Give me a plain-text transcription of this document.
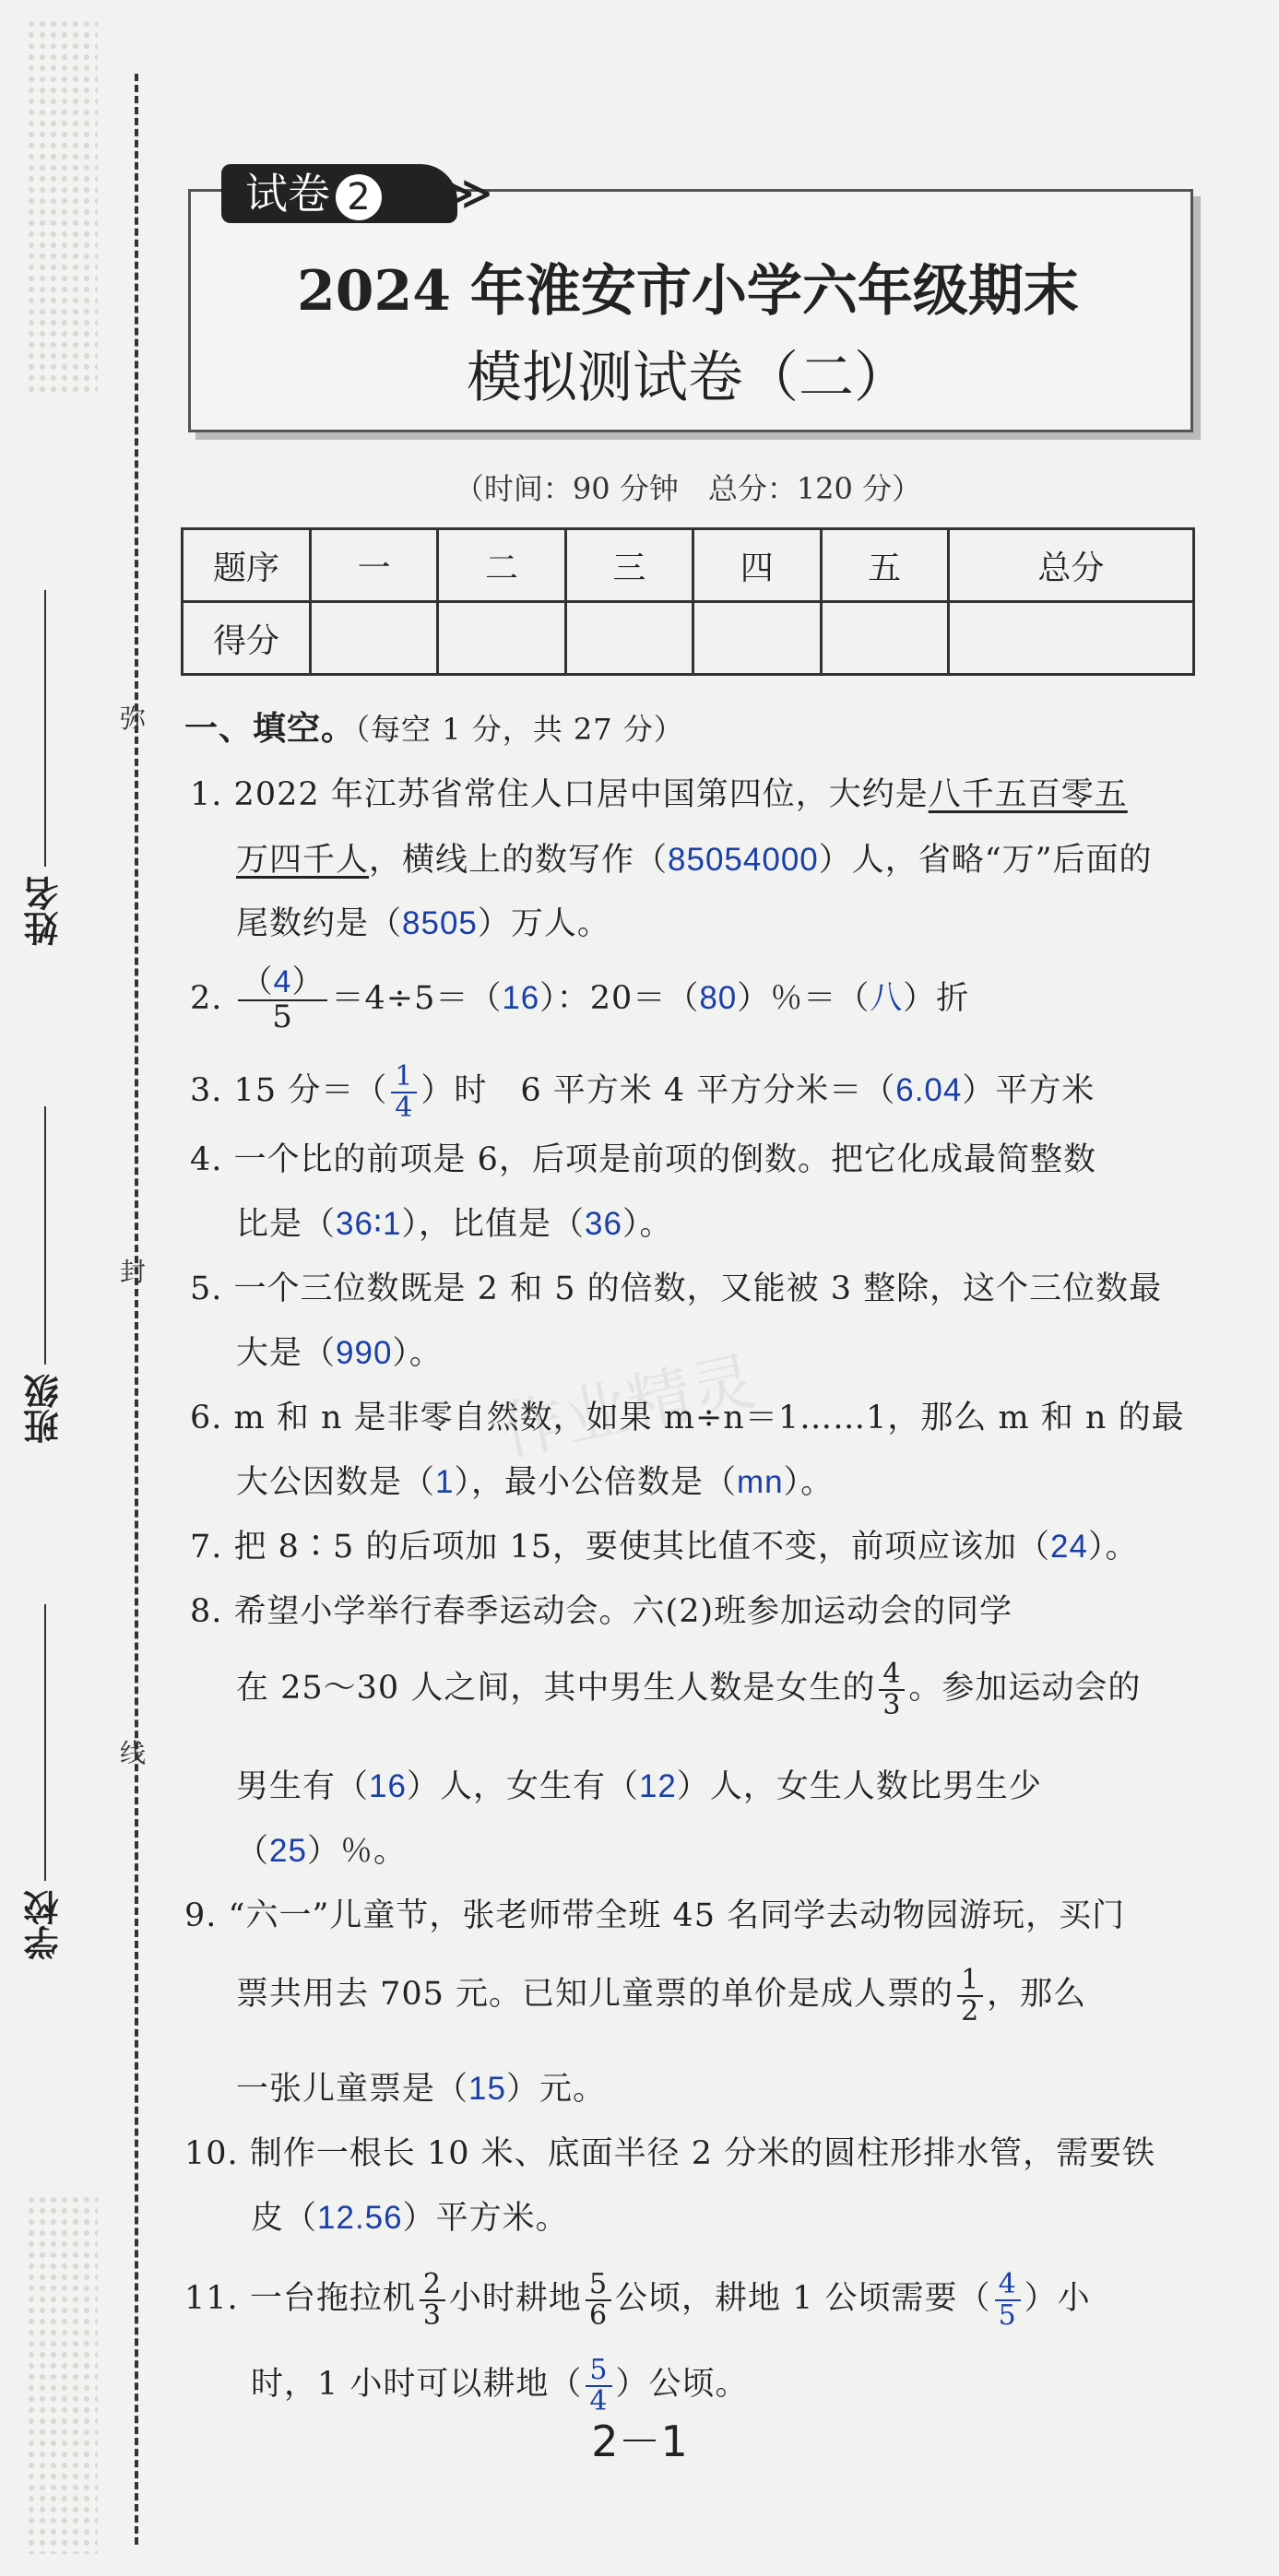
弥
封
线
姓名
班级
学校
试卷 2	≫
2024 年淮安市小学六年级期末
模拟测试卷（二）
（时间：90 分钟　总分：120 分）
题序	一	二	三	四	五	总分
得分						
一、填空。（每空 1 分，共 27 分）
1. 2022 年江苏省常住人口居中国第四位，大约是八千五百零五
万四千人，横线上的数写作（85054000）人，省略“万”后面的
尾数约是（8505）万人。
2. $\frac{(4)}{5} =4\div 5=(16)$：20＝（80）％＝（八）折
3. 15 分＝（ $\frac{1}{4}$ ）时　6 平方米 4 平方分米＝（6.04）平方米
4. 一个比的前项是 6，后项是前项的倒数。把它化成最简整数
比是（36∶1），比值是（36）。
5. 一个三位数既是 2 和 5 的倍数，又能被 3 整除，这个三位数最
大是（990）。 作业精灵
6. m 和 n 是非零自然数，如果 m÷n＝1……1，那么 m 和 n 的最
大公因数是（1），最小公倍数是（mn）。
7. 把 8∶5 的后项加 15，要使其比值不变，前项应该加（24）。
8. 希望小学举行春季运动会。六(2)班参加运动会的同学
在 25～30 人之间，其中男生人数是女生的 $\frac{4}{3}$ 。参加运动会的
男生有（16）人，女生有（12）人，女生人数比男生少
（25）％。
9. “六一”儿童节，张老师带全班 45 名同学去动物园游玩，买门
票共用去 705 元。已知儿童票的单价是成人票的 $\frac{1}{2}$ ，那么
一张儿童票是（15）元。
10. 制作一根长 10 米、底面半径 2 分米的圆柱形排水管，需要铁
皮（12.56）平方米。
11. 一台拖拉机 $\frac{2}{3}$ 小时耕地 $\frac{5}{6}$ 公顷，耕地 1 公顷需要（ $\frac{4}{5}$ ）小
时，1 小时可以耕地（ $\frac{5}{4}$ ）公顷。
2－1
